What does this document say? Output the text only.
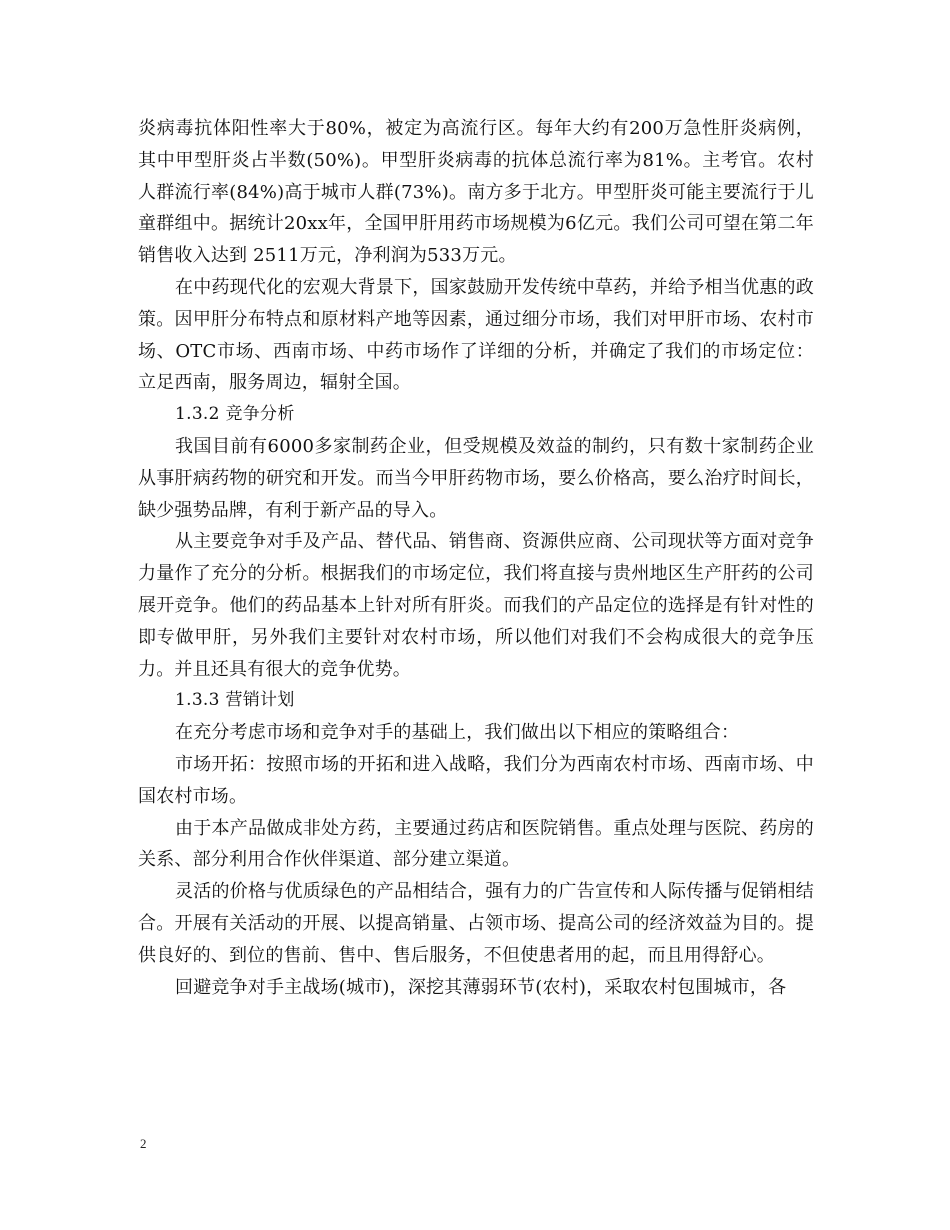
炎病毒抗体阳性率大于80%，被定为高流行区。每年大约有200万急性肝炎病例，其中甲型肝炎占半数(50%)。甲型肝炎病毒的抗体总流行率为81%。主考官。农村人群流行率(84%)高于城市人群(73%)。南方多于北方。甲型肝炎可能主要流行于儿童群组中。据统计20xx年，全国甲肝用药市场规模为6亿元。我们公司可望在第二年销售收入达到 2511万元，净利润为533万元。

在中药现代化的宏观大背景下，国家鼓励开发传统中草药，并给予相当优惠的政策。因甲肝分布特点和原材料产地等因素，通过细分市场，我们对甲肝市场、农村市场、OTC市场、西南市场、中药市场作了详细的分析，并确定了我们的市场定位：立足西南，服务周边，辐射全国。

1.3.2 竞争分析

我国目前有6000多家制药企业，但受规模及效益的制约，只有数十家制药企业从事肝病药物的研究和开发。而当今甲肝药物市场，要么价格高，要么治疗时间长，缺少强势品牌，有利于新产品的导入。

从主要竞争对手及产品、替代品、销售商、资源供应商、公司现状等方面对竞争力量作了充分的分析。根据我们的市场定位，我们将直接与贵州地区生产肝药的公司展开竞争。他们的药品基本上针对所有肝炎。而我们的产品定位的选择是有针对性的即专做甲肝，另外我们主要针对农村市场，所以他们对我们不会构成很大的竞争压力。并且还具有很大的竞争优势。

1.3.3 营销计划

在充分考虑市场和竞争对手的基础上，我们做出以下相应的策略组合：

市场开拓：按照市场的开拓和进入战略，我们分为西南农村市场、西南市场、中国农村市场。

由于本产品做成非处方药，主要通过药店和医院销售。重点处理与医院、药房的关系、部分利用合作伙伴渠道、部分建立渠道。

灵活的价格与优质绿色的产品相结合，强有力的广告宣传和人际传播与促销相结合。开展有关活动的开展、以提高销量、占领市场、提高公司的经济效益为目的。提供良好的、到位的售前、售中、售后服务，不但使患者用的起，而且用得舒心。

回避竞争对手主战场(城市)，深挖其薄弱环节(农村)，采取农村包围城市，各

2
